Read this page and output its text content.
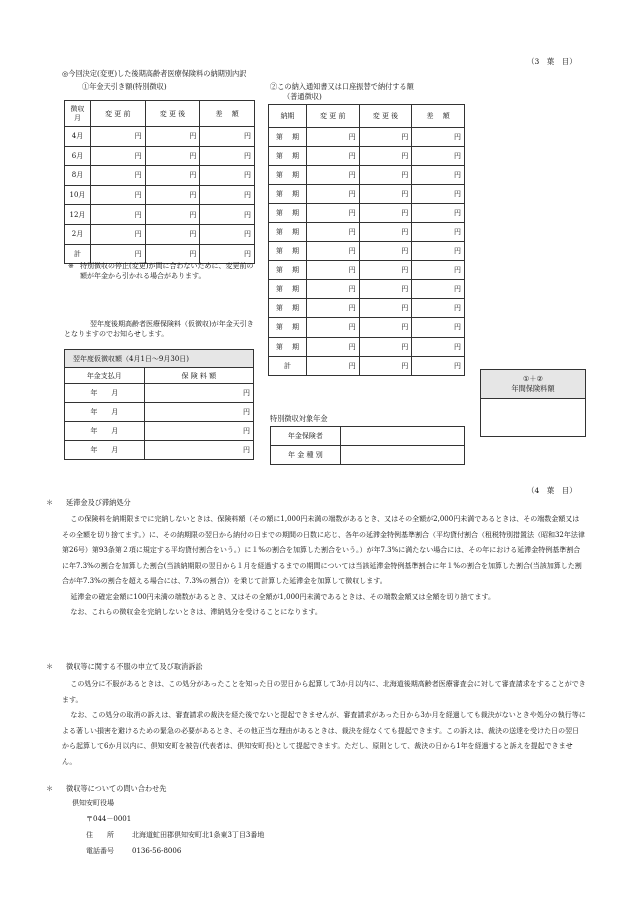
（3　葉　目）
◎今回決定(変更)した後期高齢者医療保険料の納期別内訳
①年金天引き額(特別徴収)
徴収月	変 更 前	変 更 後	差　 額
4月	円	円	円
6月	円	円	円
8月	円	円	円
10月	円	円	円
12月	円	円	円
2月	円	円	円
計	円	円	円
※ 特別徴収の停止(変更)が間に合わないために、変更前の額が年金から引かれる場合があります。
②この納入通知書又は口座振替で納付する額
（普通徴収)
納期	変 更 前	変 更 後	差　 額
第　 期	円	円	円
第　 期	円	円	円
第　 期	円	円	円
第　 期	円	円	円
第　 期	円	円	円
第　 期	円	円	円
第　 期	円	円	円
第　 期	円	円	円
第　 期	円	円	円
第　 期	円	円	円
第　 期	円	円	円
第　 期	円	円	円
計	円	円	円
翌年度後期高齢者医療保険料（仮徴収)が年金天引きとなりますのでお知らせします。
翌年度仮徴収額（4月1日～9月30日)	
年金支払月	保 険 料 額
年　　月	円
年　　月	円
年　　月	円
年　　月	円
特別徴収対象年金
年金保険者	
年 金 種 別	
①＋②
年間保険料額
（4　葉　目）
＊ 延滞金及び滞納処分
この保険料を納期限までに完納しないときは、保険料額（その額に1,000円未満の端数があるとき、又はその全額が2,000円未満であるときは、その端数金額又はその全額を切り捨てます。）に、その納期限の翌日から納付の日までの期間の日数に応じ、各年の延滞金特例基準割合（平均貸付割合（租税特別措置法（昭和32年法律第26号）第93条第２項に規定する平均貸付割合をいう。）に１%の割合を加算した割合をいう。）が年7.3%に満たない場合には、その年における延滞金特例基準割合に年7.3%の割合を加算した割合(当該納期限の翌日から１月を経過するまでの期間については当該延滞金特例基準割合に年１%の割合を加算した割合(当該加算した割合が年7.3%の割合を超える場合には、7.3%の割合)）を乗じて計算した延滞金を加算して徴収します。
延滞金の確定金額に100円未満の端数があるとき、又はその全額が1,000円未満であるときは、その端数金額又は全額を切り捨てます。
なお、これらの徴収金を完納しないときは、滞納処分を受けることになります。
＊ 徴収等に関する不服の申立て及び取消訴訟
この処分に不服があるときは、この処分があったことを知った日の翌日から起算して3か月以内に、北海道後期高齢者医療審査会に対して審査請求をすることができます。
なお、この処分の取消の訴えは、審査請求の裁決を経た後でないと提起できませんが、審査請求があった日から3か月を経過しても裁決がないときや処分の執行等による著しい損害を避けるための緊急の必要があるとき、その他正当な理由があるときは、裁決を経なくても提起できます。この訴えは、裁決の送達を受けた日の翌日から起算して6か月以内に、倶知安町を被告(代表者は、倶知安町長)として提起できます。ただし、原則として、裁決の日から1年を経過すると訴えを提起できません。
＊ 徴収等についての問い合わせ先
倶知安町役場
〒044－0001
住　　所	北海道虻田郡倶知安町北1条東3丁目3番地
電話番号	0136-56-8006
